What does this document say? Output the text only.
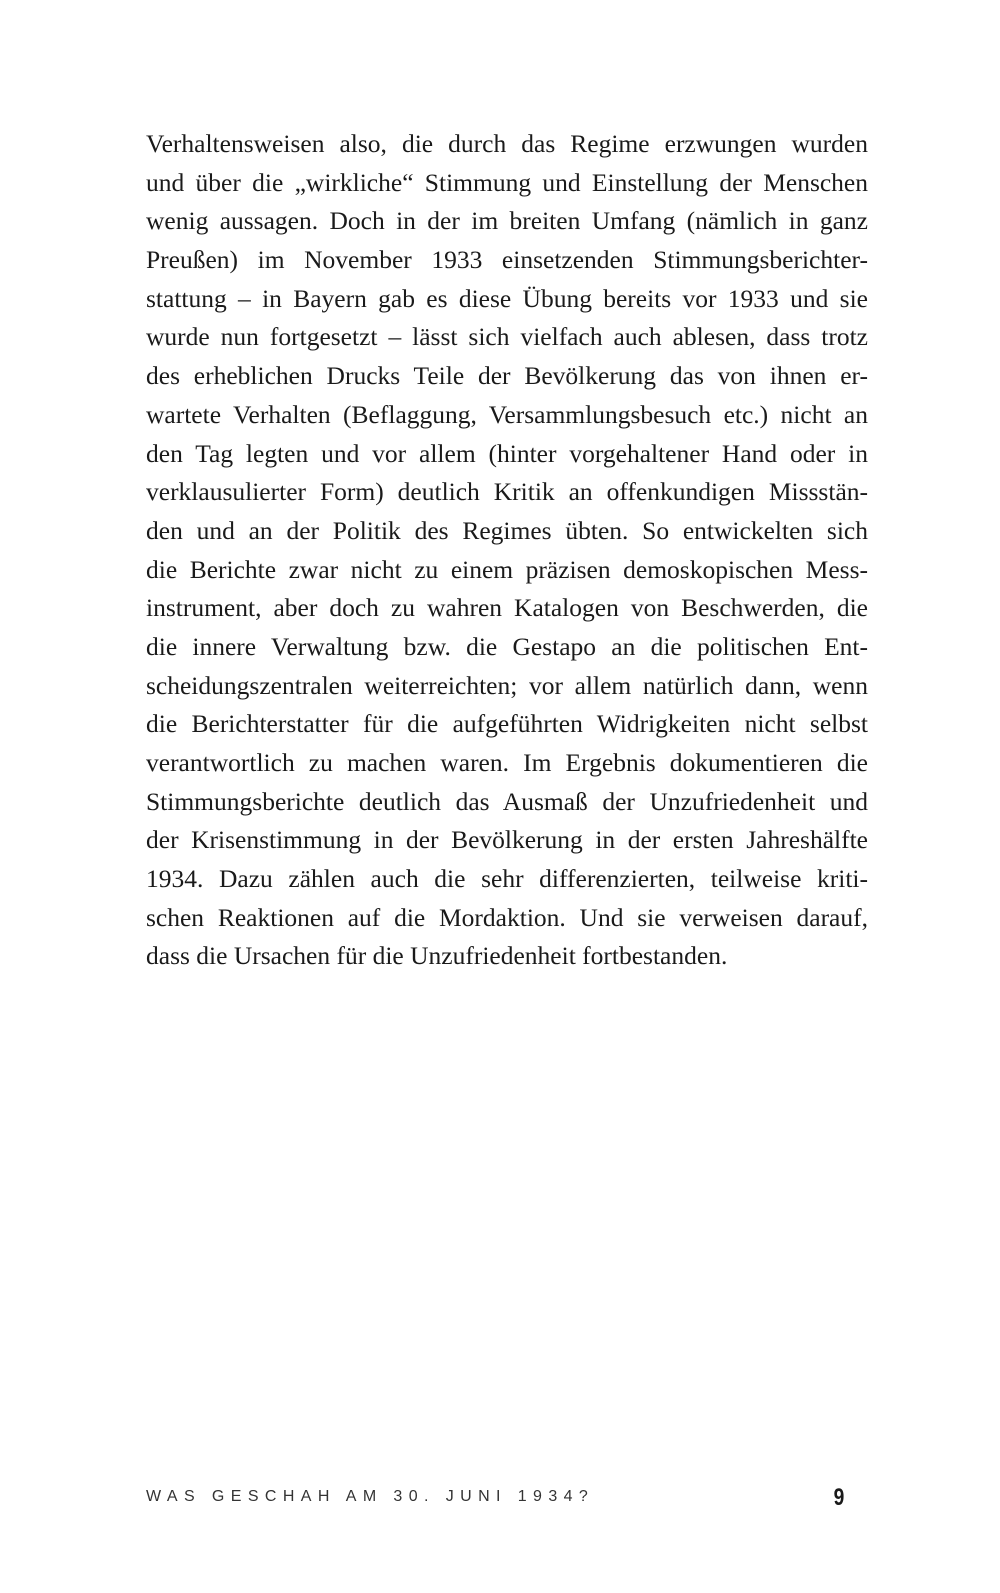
Verhaltensweisen also, die durch das Regime erzwungen wurden
und über die „wirkliche“ Stimmung und Einstellung der Menschen
wenig aussagen. Doch in der im breiten Umfang (nämlich in ganz
Preußen) im November 1933 einsetzenden Stimmungsberichter-
stattung – in Bayern gab es diese Übung bereits vor 1933 und sie
wurde nun fortgesetzt – lässt sich vielfach auch ablesen, dass trotz
des erheblichen Drucks Teile der Bevölkerung das von ihnen er-
wartete Verhalten (Beflaggung, Versammlungsbesuch etc.) nicht an
den Tag legten und vor allem (hinter vorgehaltener Hand oder in
verklausulierter Form) deutlich Kritik an offenkundigen Missstän-
den und an der Politik des Regimes übten. So entwickelten sich
die Berichte zwar nicht zu einem präzisen demoskopischen Mess-
instrument, aber doch zu wahren Katalogen von Beschwerden, die
die innere Verwaltung bzw. die Gestapo an die politischen Ent-
scheidungszentralen weiterreichten; vor allem natürlich dann, wenn
die Berichterstatter für die aufgeführten Widrigkeiten nicht selbst
verantwortlich zu machen waren. Im Ergebnis dokumentieren die
Stimmungsberichte deutlich das Ausmaß der Unzufriedenheit und
der Krisenstimmung in der Bevölkerung in der ersten Jahreshälfte
1934. Dazu zählen auch die sehr differenzierten, teilweise kriti-
schen Reaktionen auf die Mordaktion. Und sie verweisen darauf,
dass die Ursachen für die Unzufriedenheit fortbestanden.
WAS GESCHAH AM 30. JUNI 1934?	9
